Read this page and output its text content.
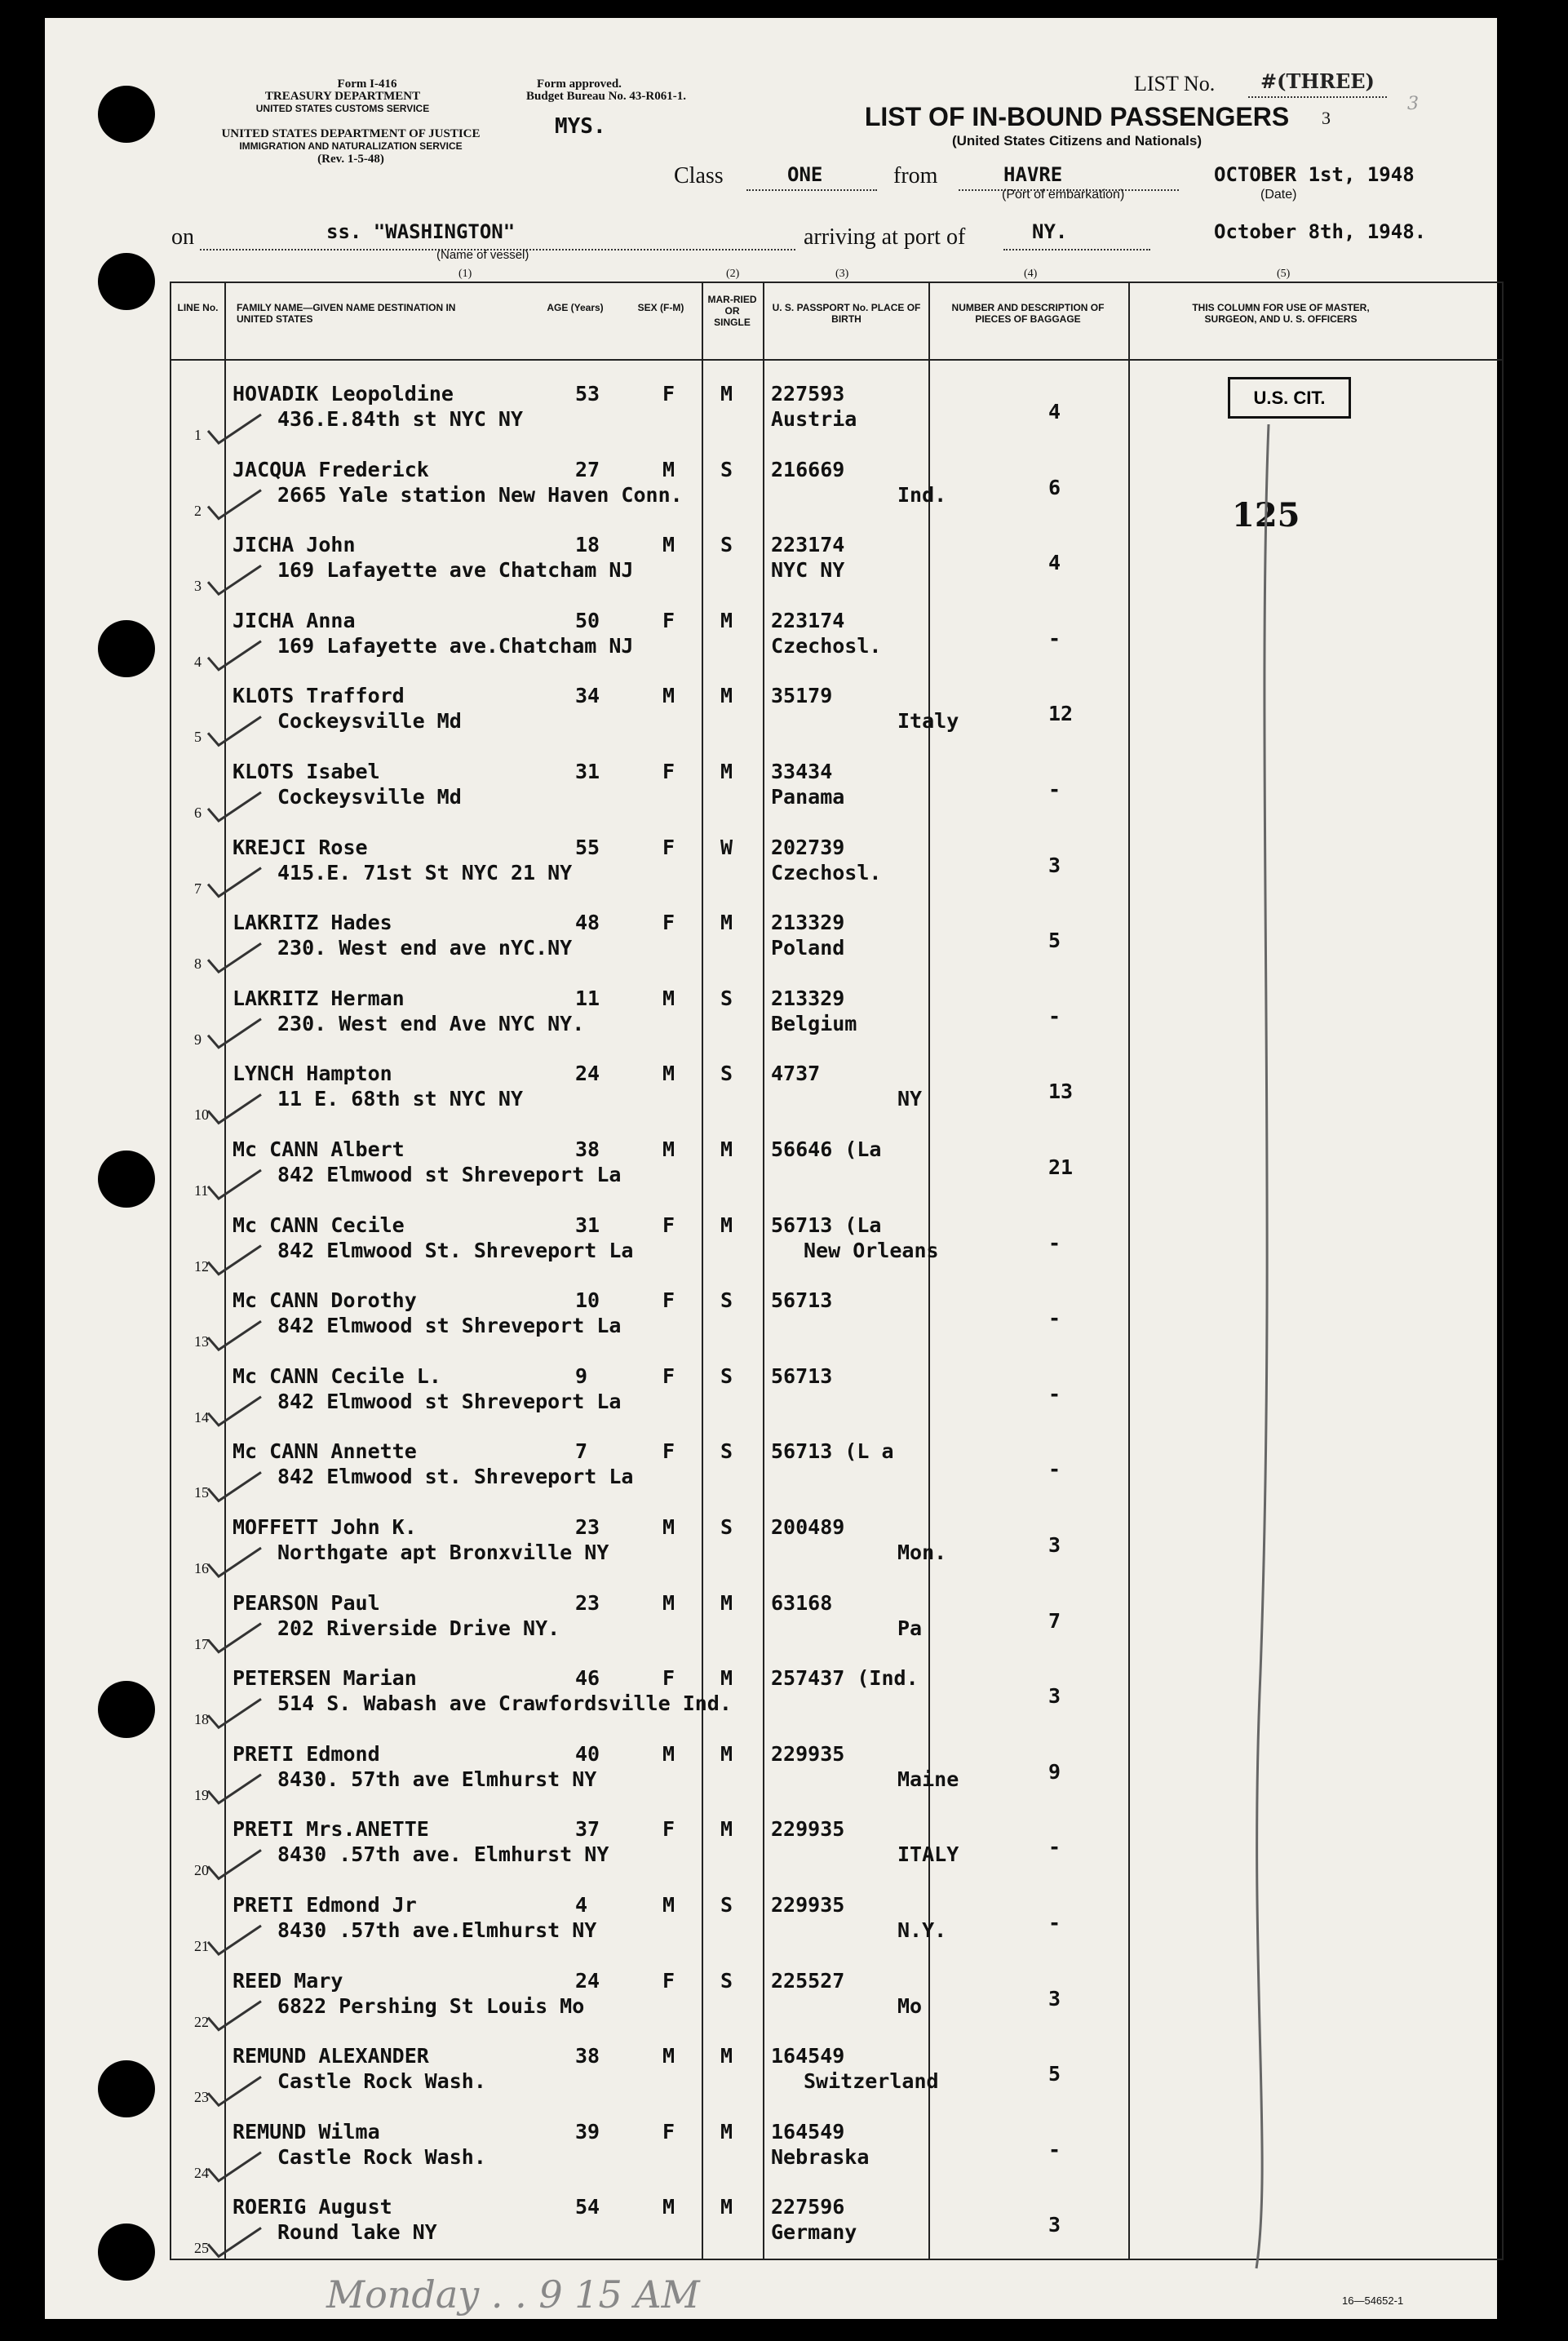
Form I-416
TREASURY DEPARTMENT
UNITED STATES CUSTOMS SERVICE
UNITED STATES DEPARTMENT OF JUSTICE
IMMIGRATION AND NATURALIZATION SERVICE
(Rev. 1-5-48)
Form approved.
Budget Bureau No. 43-R061-1.
MYS.
LIST No. #(THREE)
3
LIST OF IN-BOUND PASSENGERS
(United States Citizens and Nationals)
3
Class	ONE	from	HAVRE
(Port of embarkation)
OCTOBER 1st, 1948
(Date)
on	ss. "WASHINGTON"
(Name of vessel)
arriving at port of	NY.	October 8th, 1948.
(1)	(2)	(3)	(4)	(5)
LINE No. FAMILY NAME—GIVEN NAME DESTINATION IN UNITED STATES
AGE (Years)	SEX (F-M)
MAR-RIED OR SINGLE
U. S. PASSPORT No. PLACE OF BIRTH
NUMBER AND DESCRIPTION OF PIECES OF BAGGAGE
THIS COLUMN FOR USE OF MASTER, SURGEON, AND U. S. OFFICERS
U.S. CIT.
125
Monday . . 9 15 AM	16—54652-1
1
HOVADIK Leopoldine
436.E.84th st NYC NY
53	F M 227593
Austria	4
2
JACQUA Frederick
2665 Yale station New Haven Conn.
27	M S 216669
Ind.	6
3
JICHA John
169 Lafayette ave Chatcham NJ
18	M S 223174
NYC NY	4
4
JICHA Anna
169 Lafayette ave.Chatcham NJ
50	F M 223174
Czechosl.	-
5
KLOTS Trafford
Cockeysville Md
34	M M 35179
Italy	12
6
KLOTS Isabel
Cockeysville Md
31	F M 33434
Panama	-
7
KREJCI Rose
415.E. 71st St NYC 21 NY
55	F W 202739
Czechosl.	3
8
LAKRITZ Hades
230. West end ave nYC.NY
48	F M 213329
Poland	5
9
LAKRITZ Herman
230. West end Ave NYC NY.
11	M S 213329
Belgium	-
10
LYNCH Hampton
11 E. 68th st NYC NY
24	M S 4737
NY	13
11
Mc CANN Albert
842 Elmwood st Shreveport La
38	M M 56646 (La
21
12
Mc CANN Cecile
842 Elmwood St. Shreveport La
31	F M 56713 (La
New Orleans	-
13
Mc CANN Dorothy
842 Elmwood st Shreveport La
10	F S 56713
-
14
Mc CANN Cecile L.
842 Elmwood st Shreveport La
9	F S 56713
-
15
Mc CANN Annette
842 Elmwood st. Shreveport La
7	F S 56713 (L a
-
16
MOFFETT John K.
Northgate apt Bronxville NY
23	M S 200489
Mon.	3
17
PEARSON Paul
202 Riverside Drive NY.
23	M M 63168
Pa	7
18
PETERSEN Marian
514 S. Wabash ave Crawfordsville Ind.
46	F M 257437 (Ind.
3
19
PRETI Edmond
8430. 57th ave Elmhurst NY
40	M M 229935
Maine	9
20
PRETI Mrs.ANETTE
8430 .57th ave. Elmhurst NY
37	F M 229935
ITALY	-
21
PRETI Edmond Jr
8430 .57th ave.Elmhurst NY
4	M S 229935
N.Y.	-
22
REED Mary
6822 Pershing St Louis Mo
24	F S 225527
Mo	3
23
REMUND ALEXANDER
Castle Rock Wash.
38	M M 164549
Switzerland	5
24
REMUND Wilma
Castle Rock Wash.
39	F M 164549
Nebraska	-
25
ROERIG August
Round lake NY
54	M M 227596
Germany	3
